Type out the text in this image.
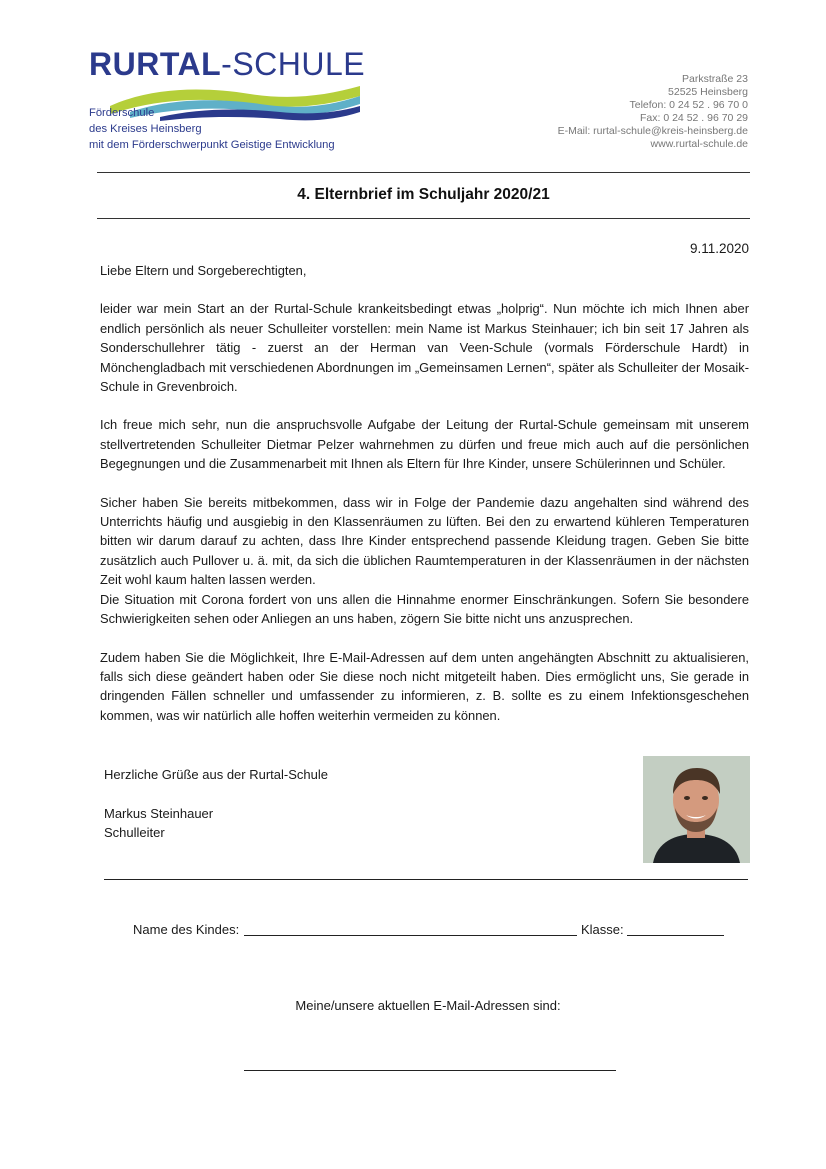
RURTAL-SCHULE
Förderschule
des Kreises Heinsberg
mit dem Förderschwerpunkt Geistige Entwicklung
Parkstraße 23
52525 Heinsberg
Telefon: 0 24 52 . 96 70 0
Fax: 0 24 52 . 96 70 29
E-Mail: rurtal-schule@kreis-heinsberg.de
www.rurtal-schule.de
4. Elternbrief im Schuljahr 2020/21
9.11.2020

Liebe Eltern und Sorgeberechtigten,

leider war mein Start an der Rurtal-Schule krankeitsbedingt etwas „holprig“. Nun möchte ich mich Ihnen aber endlich persönlich als neuer Schulleiter vorstellen: mein Name ist Markus Steinhauer; ich bin seit 17 Jahren als Sonderschullehrer tätig - zuerst an der Herman van Veen-Schule (vormals Förderschule Hardt) in Mönchengladbach mit verschiedenen Abordnungen im „Gemeinsamen Lernen“, später als Schulleiter der Mosaik-Schule in Grevenbroich.

Ich freue mich sehr, nun die anspruchsvolle Aufgabe der Leitung der Rurtal-Schule gemeinsam mit unserem stellvertretenden Schulleiter Dietmar Pelzer wahrnehmen zu dürfen und freue mich auch auf die persönlichen Begegnungen und die Zusammenarbeit mit Ihnen als Eltern für Ihre Kinder, unsere Schülerinnen und Schüler.

Sicher haben Sie bereits mitbekommen, dass wir in Folge der Pandemie dazu angehalten sind während des Unterrichts häufig und ausgiebig in den Klassenräumen zu lüften. Bei den zu erwartend kühleren Temperaturen bitten wir darum darauf zu achten, dass Ihre Kinder entsprechend passende Kleidung tragen. Geben Sie bitte zusätzlich auch Pullover u. ä. mit, da sich die üblichen Raumtemperaturen in der Klassenräumen in der nächsten Zeit wohl kaum halten lassen werden.

Die Situation mit Corona fordert von uns allen die Hinnahme enormer Einschränkungen. Sofern Sie besondere Schwierigkeiten sehen oder Anliegen an uns haben, zögern Sie bitte nicht uns anzusprechen.

Zudem haben Sie die Möglichkeit, Ihre E-Mail-Adressen auf dem unten angehängten Abschnitt zu aktualisieren, falls sich diese geändert haben oder Sie diese noch nicht mitgeteilt haben. Dies ermöglicht uns, Sie gerade in dringenden Fällen schneller und umfassender zu informieren, z. B. sollte es zu einem Infektionsgeschehen kommen, was wir natürlich alle hoffen weiterhin vermeiden zu können.

Herzliche Grüße aus der Rurtal-Schule
Markus Steinhauer
Schulleiter
Name des Kindes:	Klasse:
Meine/unsere aktuellen E-Mail-Adressen sind:
